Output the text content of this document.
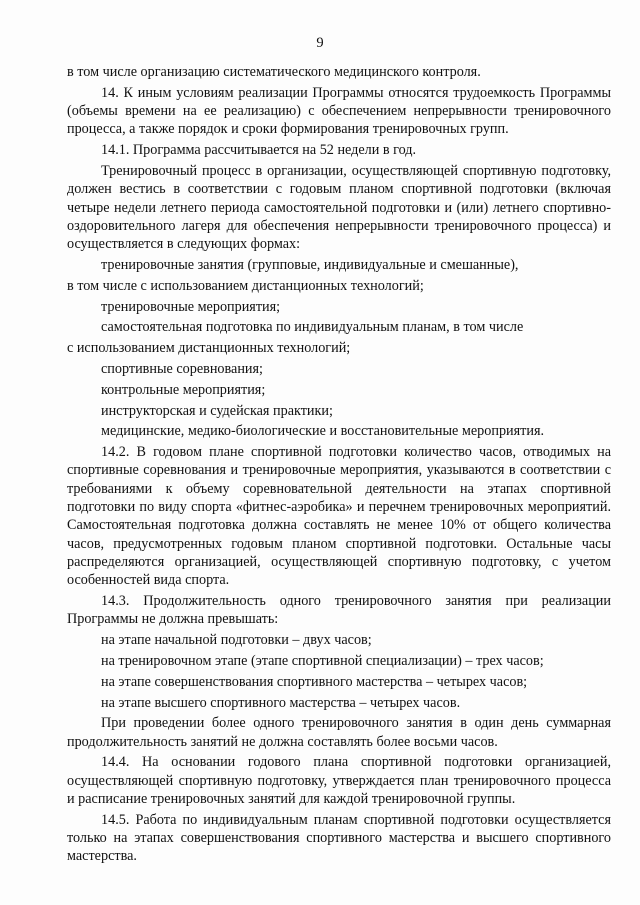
9

в том числе организацию систематического медицинского контроля.

14. К иным условиям реализации Программы относятся трудоемкость Программы (объемы времени на ее реализацию) с обеспечением непрерывности тренировочного процесса, а также порядок и сроки формирования тренировочных групп.

14.1. Программа рассчитывается на 52 недели в год.

Тренировочный процесс в организации, осуществляющей спортивную подготовку, должен вестись в соответствии с годовым планом спортивной подготовки (включая четыре недели летнего периода самостоятельной подготовки и (или) летнего спортивно-оздоровительного лагеря для обеспечения непрерывности тренировочного процесса) и осуществляется в следующих формах:

тренировочные занятия (групповые, индивидуальные и смешанные),

в том числе с использованием дистанционных технологий;

тренировочные мероприятия;

самостоятельная подготовка по индивидуальным планам, в том числе

с использованием дистанционных технологий;

спортивные соревнования;

контрольные мероприятия;

инструкторская и судейская практики;

медицинские, медико-биологические и восстановительные мероприятия.

14.2. В годовом плане спортивной подготовки количество часов, отводимых на спортивные соревнования и тренировочные мероприятия, указываются в соответствии с требованиями к объему соревновательной деятельности на этапах спортивной подготовки по виду спорта «фитнес-аэробика» и перечнем тренировочных мероприятий. Самостоятельная подготовка должна составлять не менее 10% от общего количества часов, предусмотренных годовым планом спортивной подготовки. Остальные часы распределяются организацией, осуществляющей спортивную подготовку, с учетом особенностей вида спорта.

14.3. Продолжительность одного тренировочного занятия при реализации Программы не должна превышать:

на этапе начальной подготовки – двух часов;

на тренировочном этапе (этапе спортивной специализации) – трех часов;

на этапе совершенствования спортивного мастерства – четырех часов;

на этапе высшего спортивного мастерства – четырех часов.

При проведении более одного тренировочного занятия в один день суммарная продолжительность занятий не должна составлять более восьми часов.

14.4. На основании годового плана спортивной подготовки организацией, осуществляющей спортивную подготовку, утверждается план тренировочного процесса и расписание тренировочных занятий для каждой тренировочной группы.

14.5. Работа по индивидуальным планам спортивной подготовки осуществляется только на этапах совершенствования спортивного мастерства и высшего спортивного мастерства.
